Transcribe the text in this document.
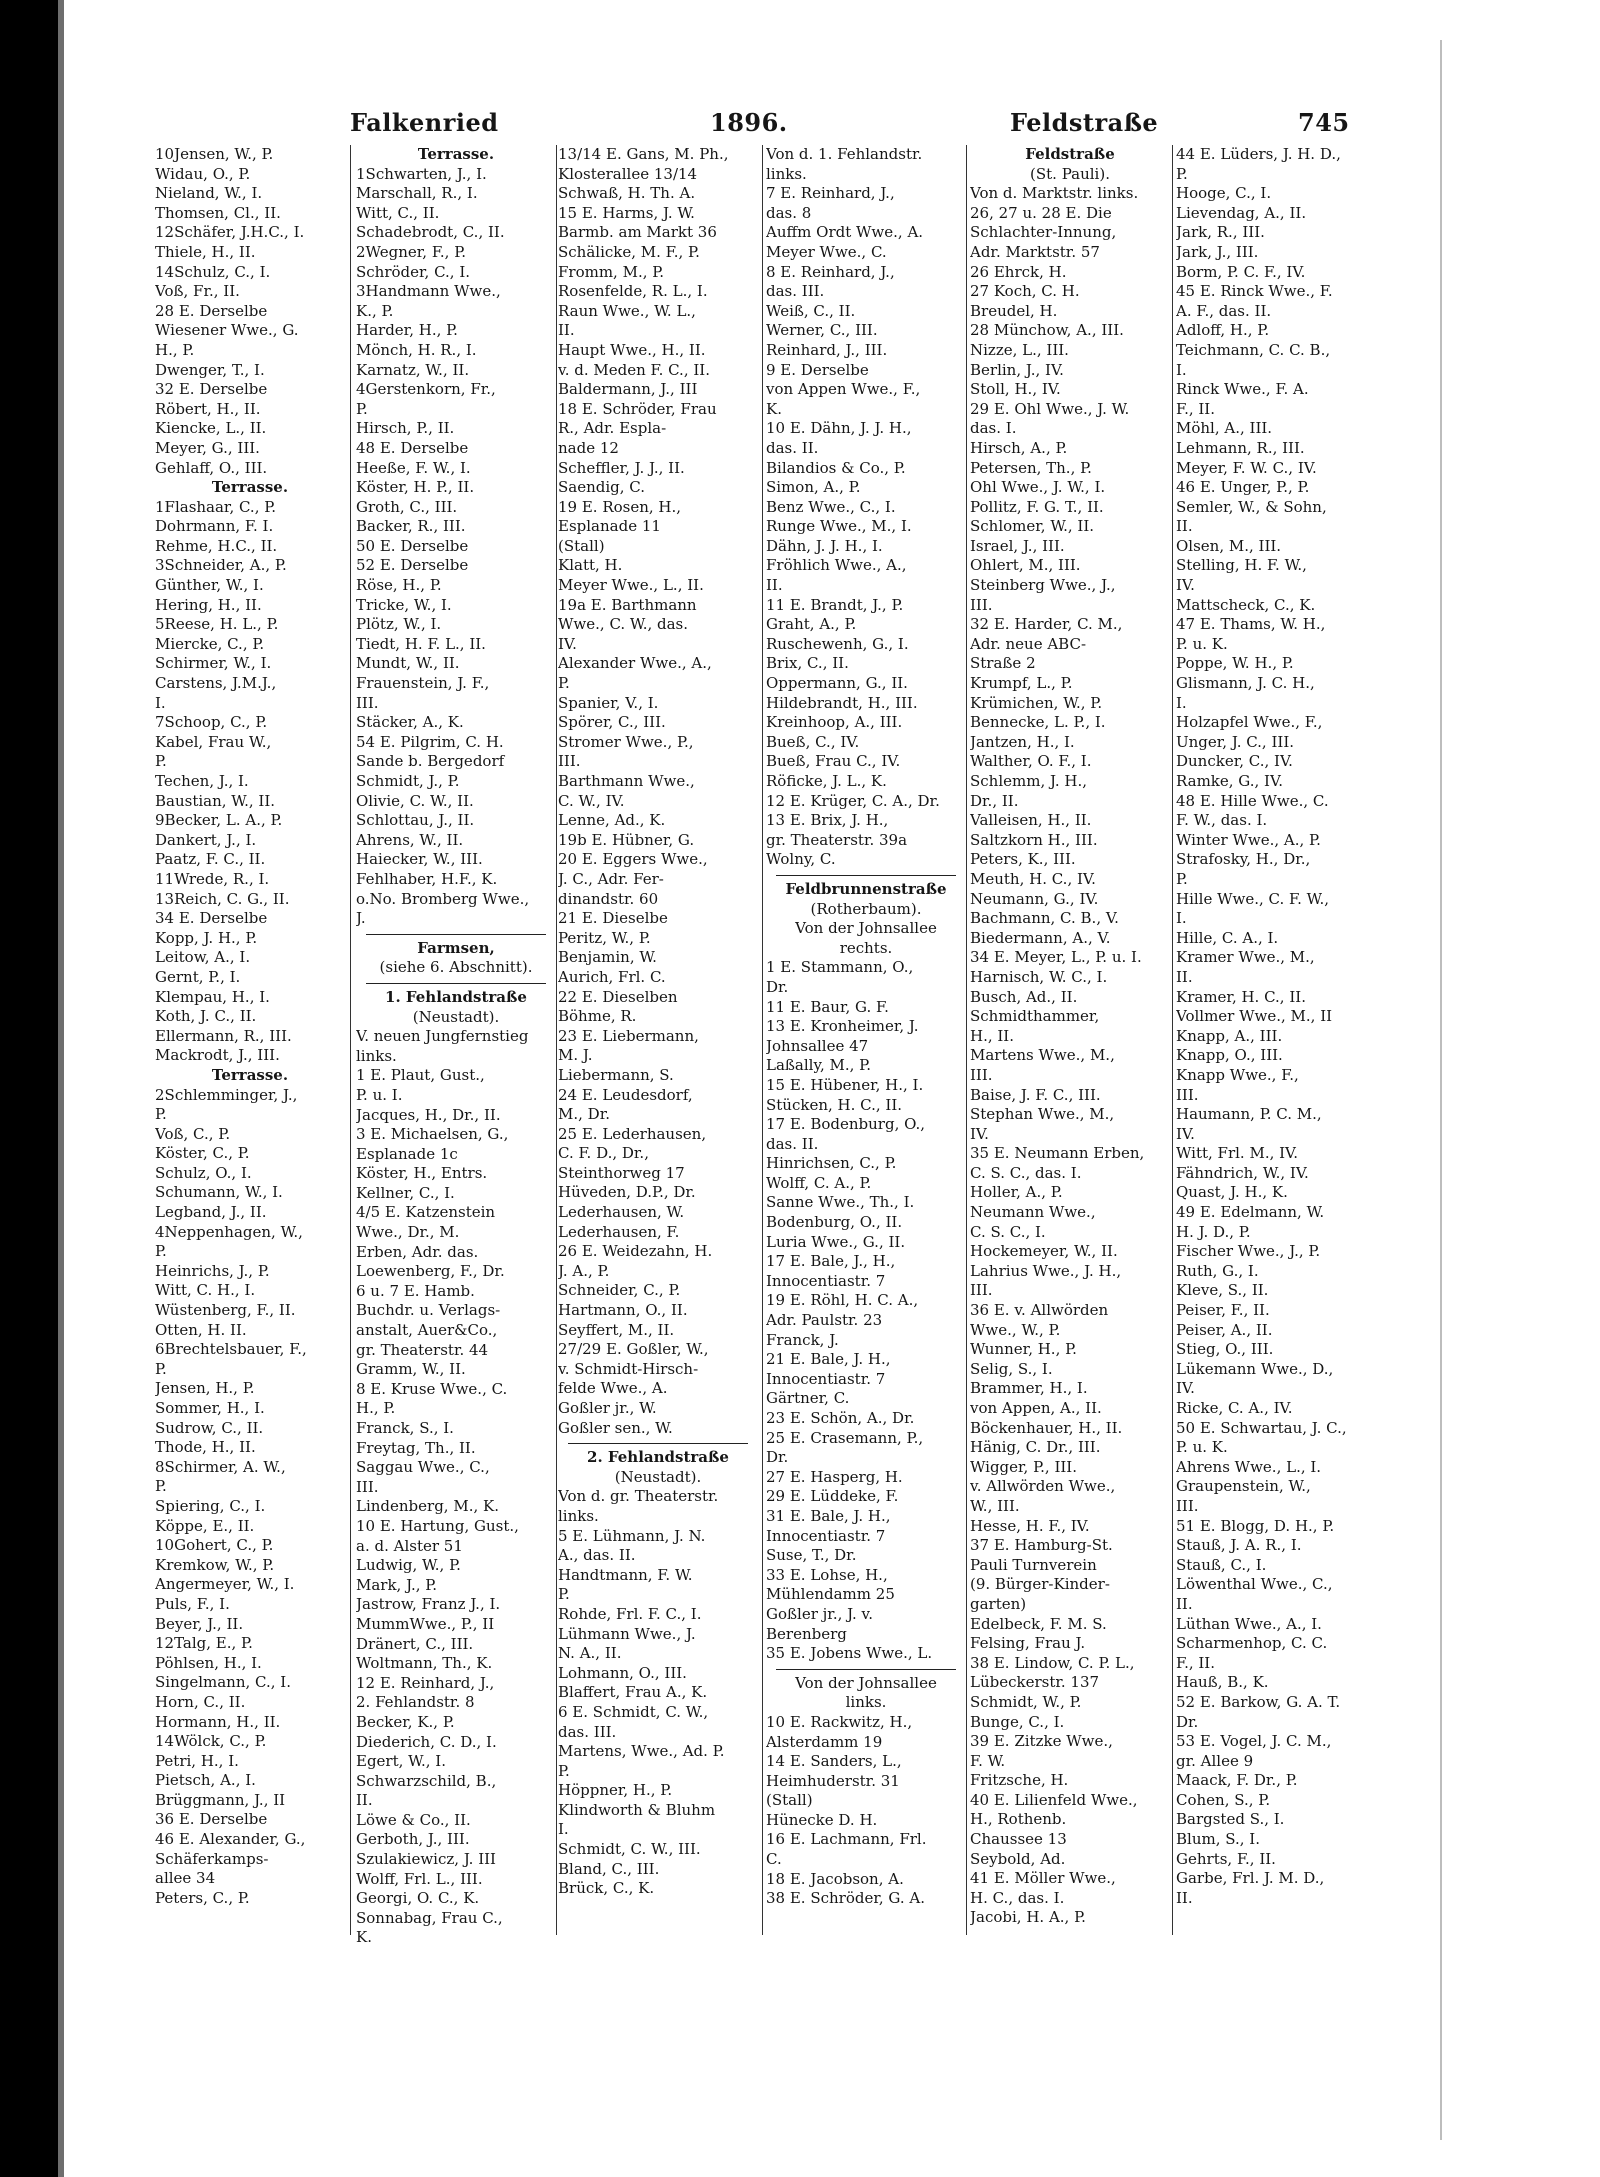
Falkenried	1896.	Feldstraße	745
10Jensen, W., P.
Widau, O., P.
Nieland, W., I.
Thomsen, Cl., II.
12Schäfer, J.H.C., I.
Thiele, H., II.
14Schulz, C., I.
Voß, Fr., II.
28 E. Derselbe
Wiesener Wwe., G.
H., P.
Dwenger, T., I.
32 E. Derselbe
Röbert, H., II.
Kiencke, L., II.
Meyer, G., III.
Gehlaff, O., III.
Terrasse.
1Flashaar, C., P.
Dohrmann, F. I.
Rehme, H.C., II.
3Schneider, A., P.
Günther, W., I.
Hering, H., II.
5Reese, H. L., P.
Miercke, C., P.
Schirmer, W., I.
Carstens, J.M.J.,
I.
7Schoop, C., P.
Kabel, Frau W.,
P.
Techen, J., I.
Baustian, W., II.
9Becker, L. A., P.
Dankert, J., I.
Paatz, F. C., II.
11Wrede, R., I.
13Reich, C. G., II.
34 E. Derselbe
Kopp, J. H., P.
Leitow, A., I.
Gernt, P., I.
Klempau, H., I.
Koth, J. C., II.
Ellermann, R., III.
Mackrodt, J., III.
Terrasse.
2Schlemminger, J.,
P.
Voß, C., P.
Köster, C., P.
Schulz, O., I.
Schumann, W., I.
Legband, J., II.
4Neppenhagen, W.,
P.
Heinrichs, J., P.
Witt, C. H., I.
Wüstenberg, F., II.
Otten, H. II.
6Brechtelsbauer, F.,
P.
Jensen, H., P.
Sommer, H., I.
Sudrow, C., II.
Thode, H., II.
8Schirmer, A. W.,
P.
Spiering, C., I.
Köppe, E., II.
10Gohert, C., P.
Kremkow, W., P.
Angermeyer, W., I.
Puls, F., I.
Beyer, J., II.
12Talg, E., P.
Pöhlsen, H., I.
Singelmann, C., I.
Horn, C., II.
Hormann, H., II.
14Wölck, C., P.
Petri, H., I.
Pietsch, A., I.
Brüggmann, J., II
36 E. Derselbe
46 E. Alexander, G.,
Schäferkamps-
allee 34
Peters, C., P.
Terrasse.
1Schwarten, J., I.
Marschall, R., I.
Witt, C., II.
Schadebrodt, C., II.
2Wegner, F., P.
Schröder, C., I.
3Handmann Wwe.,
K., P.
Harder, H., P.
Mönch, H. R., I.
Karnatz, W., II.
4Gerstenkorn, Fr.,
P.
Hirsch, P., II.
48 E. Derselbe
Heeße, F. W., I.
Köster, H. P., II.
Groth, C., III.
Backer, R., III.
50 E. Derselbe
52 E. Derselbe
Röse, H., P.
Tricke, W., I.
Plötz, W., I.
Tiedt, H. F. L., II.
Mundt, W., II.
Frauenstein, J. F.,
III.
Stäcker, A., K.
54 E. Pilgrim, C. H.
Sande b. Bergedorf
Schmidt, J., P.
Olivie, C. W., II.
Schlottau, J., II.
Ahrens, W., II.
Haiecker, W., III.
Fehlhaber, H.F., K.
o.No. Bromberg Wwe.,
J.
Farmsen,
(siehe 6. Abschnitt).
1. Fehlandstraße
(Neustadt).
V. neuen Jungfernstieg
links.
1 E. Plaut, Gust.,
P. u. I.
Jacques, H., Dr., II.
3 E. Michaelsen, G.,
Esplanade 1c
Köster, H., Entrs.
Kellner, C., I.
4/5 E. Katzenstein
Wwe., Dr., M.
Erben, Adr. das.
Loewenberg, F., Dr.
6 u. 7 E. Hamb.
Buchdr. u. Verlags-
anstalt, Auer&Co.,
gr. Theaterstr. 44
Gramm, W., II.
8 E. Kruse Wwe., C.
H., P.
Franck, S., I.
Freytag, Th., II.
Saggau Wwe., C.,
III.
Lindenberg, M., K.
10 E. Hartung, Gust.,
a. d. Alster 51
Ludwig, W., P.
Mark, J., P.
Jastrow, Franz J., I.
MummWwe., P., II
Dränert, C., III.
Woltmann, Th., K.
12 E. Reinhard, J.,
2. Fehlandstr. 8
Becker, K., P.
Diederich, C. D., I.
Egert, W., I.
Schwarzschild, B.,
II.
Löwe & Co., II.
Gerboth, J., III.
Szulakiewicz, J. III
Wolff, Frl. L., III.
Georgi, O. C., K.
Sonnabag, Frau C.,
K.
13/14 E. Gans, M. Ph.,
Klosterallee 13/14
Schwaß, H. Th. A.
15 E. Harms, J. W.
Barmb. am Markt 36
Schälicke, M. F., P.
Fromm, M., P.
Rosenfelde, R. L., I.
Raun Wwe., W. L.,
II.
Haupt Wwe., H., II.
v. d. Meden F. C., II.
Baldermann, J., III
18 E. Schröder, Frau
R., Adr. Espla-
nade 12
Scheffler, J. J., II.
Saendig, C.
19 E. Rosen, H.,
Esplanade 11
(Stall)
Klatt, H.
Meyer Wwe., L., II.
19a E. Barthmann
Wwe., C. W., das.
IV.
Alexander Wwe., A.,
P.
Spanier, V., I.
Spörer, C., III.
Stromer Wwe., P.,
III.
Barthmann Wwe.,
C. W., IV.
Lenne, Ad., K.
19b E. Hübner, G.
20 E. Eggers Wwe.,
J. C., Adr. Fer-
dinandstr. 60
21 E. Dieselbe
Peritz, W., P.
Benjamin, W.
Aurich, Frl. C.
22 E. Dieselben
Böhme, R.
23 E. Liebermann,
M. J.
Liebermann, S.
24 E. Leudesdorf,
M., Dr.
25 E. Lederhausen,
C. F. D., Dr.,
Steinthorweg 17
Hüveden, D.P., Dr.
Lederhausen, W.
Lederhausen, F.
26 E. Weidezahn, H.
J. A., P.
Schneider, C., P.
Hartmann, O., II.
Seyffert, M., II.
27/29 E. Goßler, W.,
v. Schmidt-Hirsch-
felde Wwe., A.
Goßler jr., W.
Goßler sen., W.
2. Fehlandstraße
(Neustadt).
Von d. gr. Theaterstr.
links.
5 E. Lühmann, J. N.
A., das. II.
Handtmann, F. W.
P.
Rohde, Frl. F. C., I.
Lühmann Wwe., J.
N. A., II.
Lohmann, O., III.
Blaffert, Frau A., K.
6 E. Schmidt, C. W.,
das. III.
Martens, Wwe., Ad. P.
P.
Höppner, H., P.
Klindworth & Bluhm
I.
Schmidt, C. W., III.
Bland, C., III.
Brück, C., K.
Von d. 1. Fehlandstr.
links.
7 E. Reinhard, J.,
das. 8
Auffm Ordt Wwe., A.
Meyer Wwe., C.
8 E. Reinhard, J.,
das. III.
Weiß, C., II.
Werner, C., III.
Reinhard, J., III.
9 E. Derselbe
von Appen Wwe., F.,
K.
10 E. Dähn, J. J. H.,
das. II.
Bilandios & Co., P.
Simon, A., P.
Benz Wwe., C., I.
Runge Wwe., M., I.
Dähn, J. J. H., I.
Fröhlich Wwe., A.,
II.
11 E. Brandt, J., P.
Graht, A., P.
Ruschewenh, G., I.
Brix, C., II.
Oppermann, G., II.
Hildebrandt, H., III.
Kreinhoop, A., III.
Bueß, C., IV.
Bueß, Frau C., IV.
Röficke, J. L., K.
12 E. Krüger, C. A., Dr.
13 E. Brix, J. H.,
gr. Theaterstr. 39a
Wolny, C.
Feldbrunnenstraße
(Rotherbaum).
Von der Johnsallee
rechts.
1 E. Stammann, O.,
Dr.
11 E. Baur, G. F.
13 E. Kronheimer, J.
Johnsallee 47
Laßally, M., P.
15 E. Hübener, H., I.
Stücken, H. C., II.
17 E. Bodenburg, O.,
das. II.
Hinrichsen, C., P.
Wolff, C. A., P.
Sanne Wwe., Th., I.
Bodenburg, O., II.
Luria Wwe., G., II.
17 E. Bale, J., H.,
Innocentiastr. 7
19 E. Röhl, H. C. A.,
Adr. Paulstr. 23
Franck, J.
21 E. Bale, J. H.,
Innocentiastr. 7
Gärtner, C.
23 E. Schön, A., Dr.
25 E. Crasemann, P.,
Dr.
27 E. Hasperg, H.
29 E. Lüddeke, F.
31 E. Bale, J. H.,
Innocentiastr. 7
Suse, T., Dr.
33 E. Lohse, H.,
Mühlendamm 25
Goßler jr., J. v.
Berenberg
35 E. Jobens Wwe., L.
Von der Johnsallee
links.
10 E. Rackwitz, H.,
Alsterdamm 19
14 E. Sanders, L.,
Heimhuderstr. 31
(Stall)
Hünecke D. H.
16 E. Lachmann, Frl.
C.
18 E. Jacobson, A.
38 E. Schröder, G. A.
Feldstraße
(St. Pauli).
Von d. Marktstr. links.
26, 27 u. 28 E. Die
Schlachter-Innung,
Adr. Marktstr. 57
26 Ehrck, H.
27 Koch, C. H.
Breudel, H.
28 Münchow, A., III.
Nizze, L., III.
Berlin, J., IV.
Stoll, H., IV.
29 E. Ohl Wwe., J. W.
das. I.
Hirsch, A., P.
Petersen, Th., P.
Ohl Wwe., J. W., I.
Pollitz, F. G. T., II.
Schlomer, W., II.
Israel, J., III.
Ohlert, M., III.
Steinberg Wwe., J.,
III.
32 E. Harder, C. M.,
Adr. neue ABC-
Straße 2
Krumpf, L., P.
Krümichen, W., P.
Bennecke, L. P., I.
Jantzen, H., I.
Walther, O. F., I.
Schlemm, J. H.,
Dr., II.
Valleisen, H., II.
Saltzkorn H., III.
Peters, K., III.
Meuth, H. C., IV.
Neumann, G., IV.
Bachmann, C. B., V.
Biedermann, A., V.
34 E. Meyer, L., P. u. I.
Harnisch, W. C., I.
Busch, Ad., II.
Schmidthammer,
H., II.
Martens Wwe., M.,
III.
Baise, J. F. C., III.
Stephan Wwe., M.,
IV.
35 E. Neumann Erben,
C. S. C., das. I.
Holler, A., P.
Neumann Wwe.,
C. S. C., I.
Hockemeyer, W., II.
Lahrius Wwe., J. H.,
III.
36 E. v. Allwörden
Wwe., W., P.
Wunner, H., P.
Selig, S., I.
Brammer, H., I.
von Appen, A., II.
Böckenhauer, H., II.
Hänig, C. Dr., III.
Wigger, P., III.
v. Allwörden Wwe.,
W., III.
Hesse, H. F., IV.
37 E. Hamburg-St.
Pauli Turnverein
(9. Bürger-Kinder-
garten)
Edelbeck, F. M. S.
Felsing, Frau J.
38 E. Lindow, C. P. L.,
Lübeckerstr. 137
Schmidt, W., P.
Bunge, C., I.
39 E. Zitzke Wwe.,
F. W.
Fritzsche, H.
40 E. Lilienfeld Wwe.,
H., Rothenb.
Chaussee 13
Seybold, Ad.
41 E. Möller Wwe.,
H. C., das. I.
Jacobi, H. A., P.
44 E. Lüders, J. H. D.,
P.
Hooge, C., I.
Lievendag, A., II.
Jark, R., III.
Jark, J., III.
Borm, P. C. F., IV.
45 E. Rinck Wwe., F.
A. F., das. II.
Adloff, H., P.
Teichmann, C. C. B.,
I.
Rinck Wwe., F. A.
F., II.
Möhl, A., III.
Lehmann, R., III.
Meyer, F. W. C., IV.
46 E. Unger, P., P.
Semler, W., & Sohn,
II.
Olsen, M., III.
Stelling, H. F. W.,
IV.
Mattscheck, C., K.
47 E. Thams, W. H.,
P. u. K.
Poppe, W. H., P.
Glismann, J. C. H.,
I.
Holzapfel Wwe., F.,
Unger, J. C., III.
Duncker, C., IV.
Ramke, G., IV.
48 E. Hille Wwe., C.
F. W., das. I.
Winter Wwe., A., P.
Strafosky, H., Dr.,
P.
Hille Wwe., C. F. W.,
I.
Hille, C. A., I.
Kramer Wwe., M.,
II.
Kramer, H. C., II.
Vollmer Wwe., M., II
Knapp, A., III.
Knapp, O., III.
Knapp Wwe., F.,
III.
Haumann, P. C. M.,
IV.
Witt, Frl. M., IV.
Fähndrich, W., IV.
Quast, J. H., K.
49 E. Edelmann, W.
H. J. D., P.
Fischer Wwe., J., P.
Ruth, G., I.
Kleve, S., II.
Peiser, F., II.
Peiser, A., II.
Stieg, O., III.
Lükemann Wwe., D.,
IV.
Ricke, C. A., IV.
50 E. Schwartau, J. C.,
P. u. K.
Ahrens Wwe., L., I.
Graupenstein, W.,
III.
51 E. Blogg, D. H., P.
Stauß, J. A. R., I.
Stauß, C., I.
Löwenthal Wwe., C.,
II.
Lüthan Wwe., A., I.
Scharmenhop, C. C.
F., II.
Hauß, B., K.
52 E. Barkow, G. A. T.
Dr.
53 E. Vogel, J. C. M.,
gr. Allee 9
Maack, F. Dr., P.
Cohen, S., P.
Bargsted S., I.
Blum, S., I.
Gehrts, F., II.
Garbe, Frl. J. M. D.,
II.
